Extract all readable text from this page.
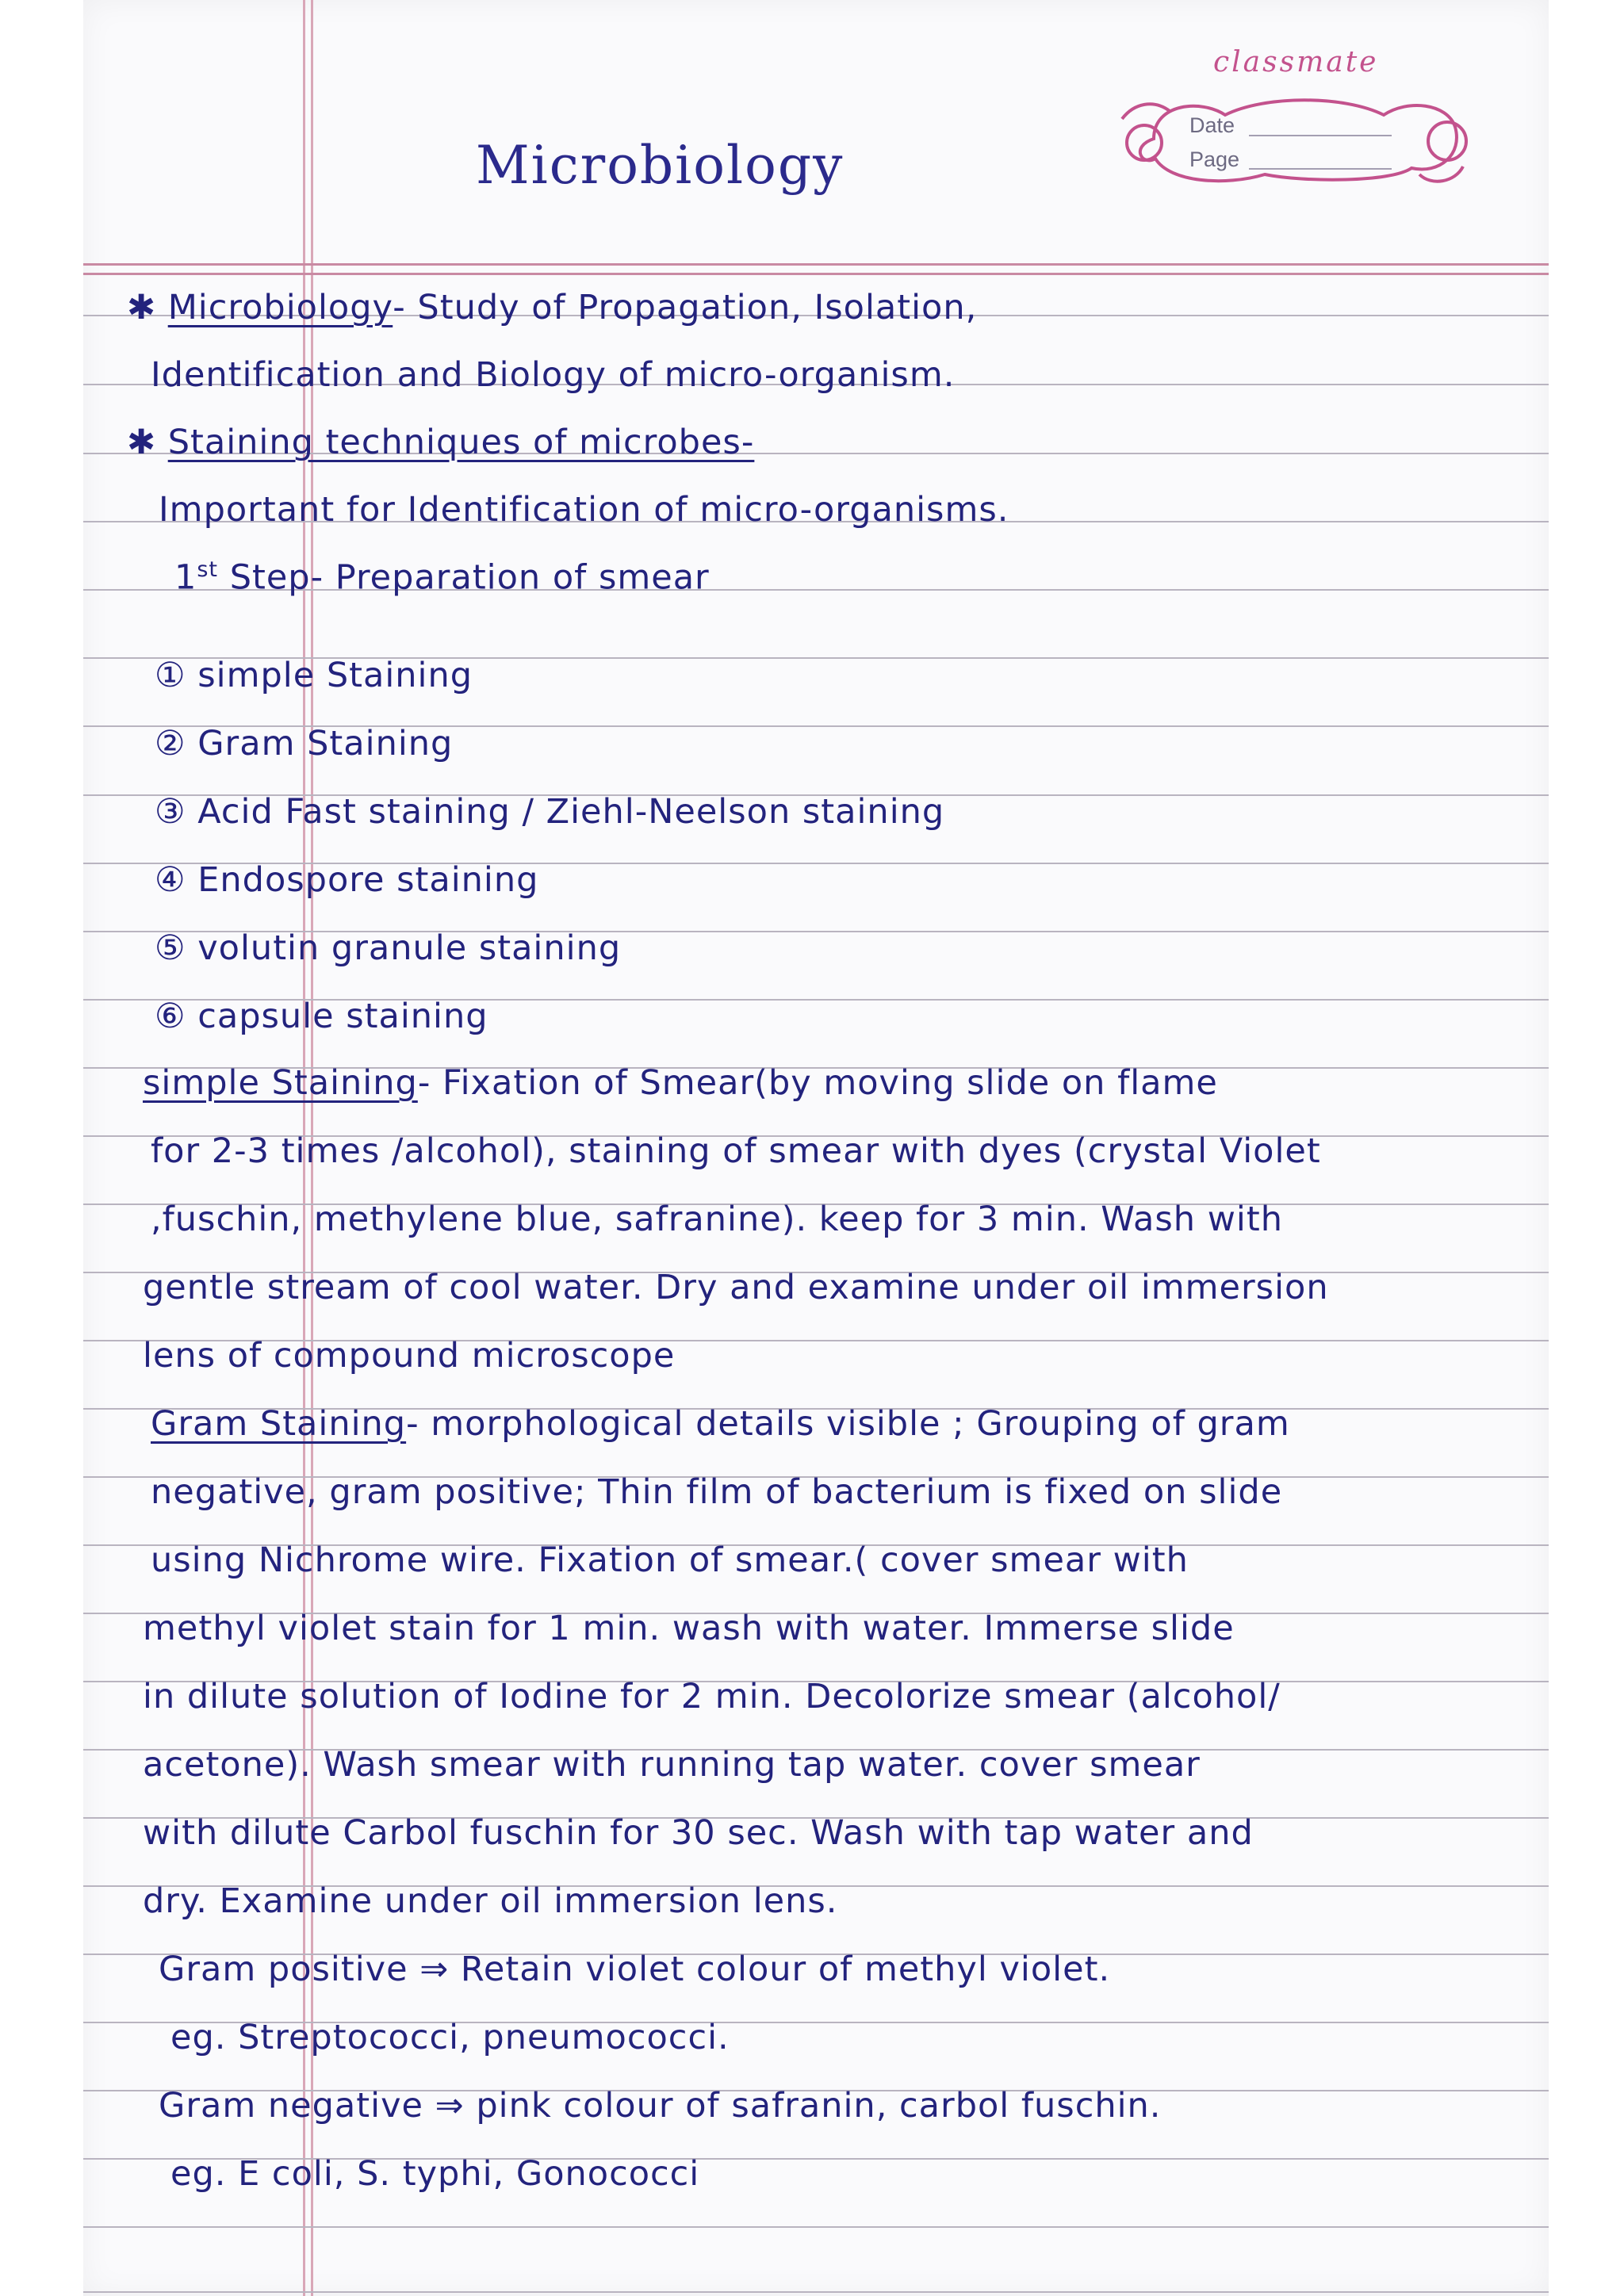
classmate
Date
Page
Microbiology

✱ Microbiology- Study of Propagation, Isolation,

Identification and Biology of micro-organism.

✱ Staining techniques of microbes-

Important for Identification of micro-organisms.

1st Step- Preparation of smear

① simple Staining

② Gram Staining

③ Acid Fast staining / Ziehl-Neelson staining

④ Endospore staining

⑤ volutin granule staining

⑥ capsule staining

simple Staining- Fixation of Smear(by moving slide on flame

for 2-3 times /alcohol), staining of smear with dyes (crystal Violet

,fuschin, methylene blue, safranine). keep for 3 min. Wash with

gentle stream of cool water. Dry and examine under oil immersion

lens of compound microscope

Gram Staining- morphological details visible ; Grouping of gram

negative, gram positive; Thin film of bacterium is fixed on slide

using Nichrome wire. Fixation of smear.( cover smear with

methyl violet stain for 1 min. wash with water. Immerse slide

in dilute solution of Iodine for 2 min. Decolorize smear (alcohol/

acetone). Wash smear with running tap water. cover smear

with dilute Carbol fuschin for 30 sec. Wash with tap water and

dry. Examine under oil immersion lens.

Gram positive ⇒ Retain violet colour of methyl violet.

eg. Streptococci, pneumococci.

Gram negative ⇒ pink colour of safranin, carbol fuschin.

eg. E coli, S. typhi, Gonococci
